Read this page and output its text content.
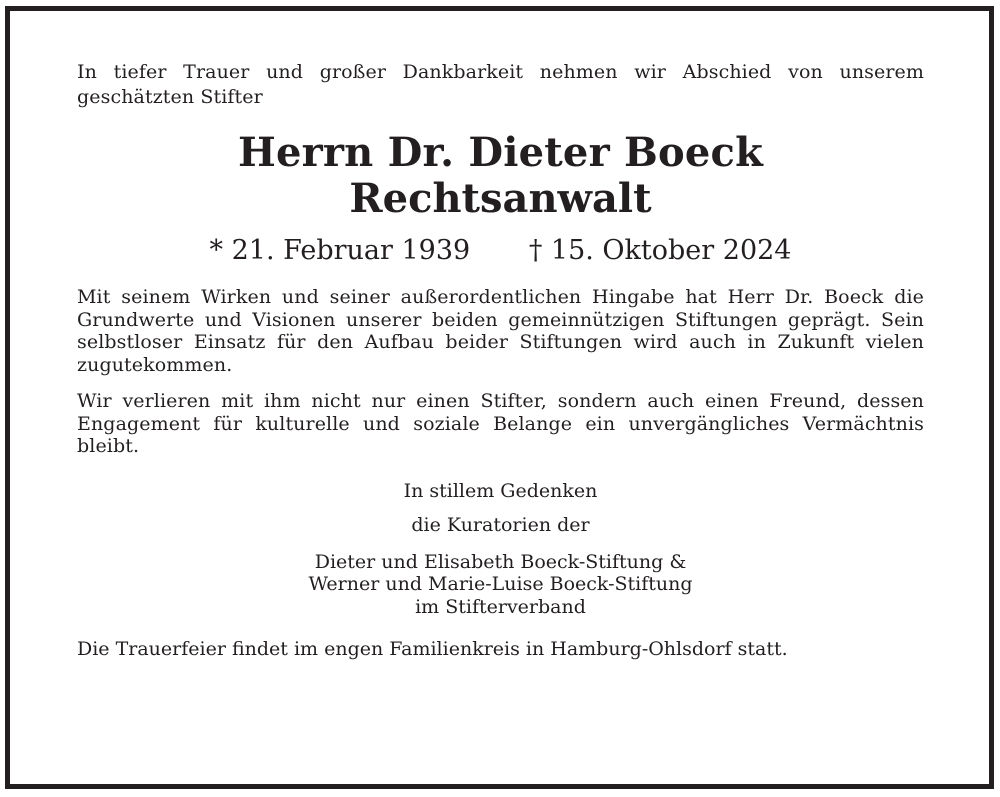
In tiefer Trauer und großer Dankbarkeit nehmen wir Abschied von unserem geschätzten Stifter

Herrn Dr. Dieter Boeck
Rechtsanwalt
* 21. Februar 1939 † 15. Oktober 2024

Mit seinem Wirken und seiner außerordentlichen Hingabe hat Herr Dr. Boeck die Grundwerte und Visionen unserer beiden gemeinnützigen Stiftungen geprägt. Sein selbstloser Einsatz für den Aufbau beider Stiftungen wird auch in Zukunft vielen zugutekommen.

Wir verlieren mit ihm nicht nur einen Stifter, sondern auch einen Freund, dessen Engagement für kulturelle und soziale Belange ein unvergängliches Vermächtnis bleibt.

In stillem Gedenken

die Kuratorien der

Dieter und Elisabeth Boeck-Stiftung &

Werner und Marie-Luise Boeck-Stiftung

im Stifterverband

Die Trauerfeier findet im engen Familienkreis in Hamburg-Ohlsdorf statt.
